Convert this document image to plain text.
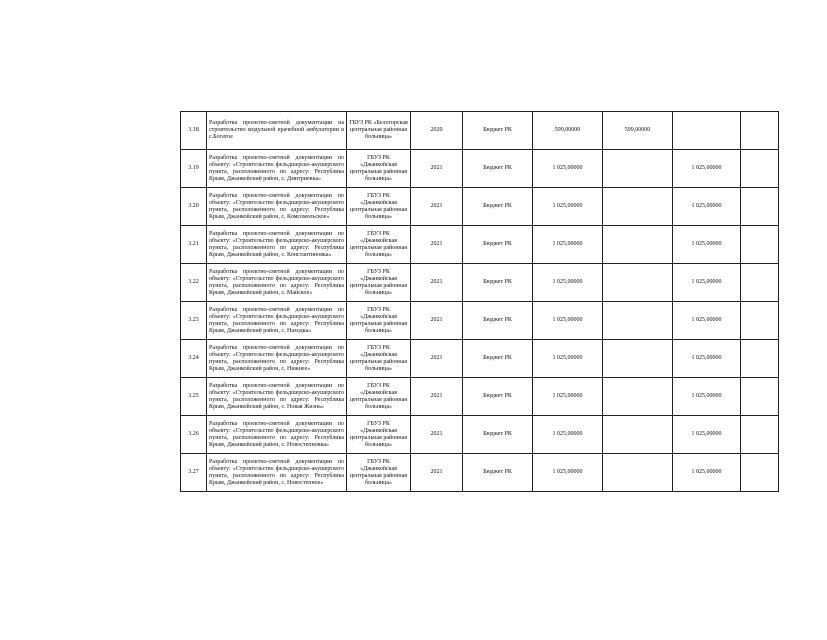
3.18	Разработка проектно-сметной документации на строительство модульной врачебной амбулатории в с.Богатое	ГБУЗ РК «Белогорская центральная районная больница»	2020	Бюджет РК	599,00000	599,00000		
3.19	Разработка проектно-сметной документации по объекту: «Строительство фельдшерско-акушерского пункта, расположенного по адресу: Республика Крым, Джанкойский район, с. Дмитриевка»	ГБУЗ РК «Джанкойская центральная районная больница»	2021	Бюджет РК	1 025,00000		1 025,00000	
3.20	Разработка проектно-сметной документации по объекту: «Строительство фельдшерско-акушерского пункта, расположенного по адресу: Республика Крым, Джанкойский район, с. Комсомольское»	ГБУЗ РК «Джанкойская центральная районная больница»	2021	Бюджет РК	1 025,00000		1 025,00000	
3.21	Разработка проектно-сметной документации по объекту: «Строительство фельдшерско-акушерского пункта, расположенного по адресу: Республика Крым, Джанкойский район, с. Константиновка»	ГБУЗ РК «Джанкойская центральная районная больница»	2021	Бюджет РК	1 025,00000		1 025,00000	
3.22	Разработка проектно-сметной документации по объекту: «Строительство фельдшерско-акушерского пункта, расположенного по адресу: Республика Крым, Джанкойский район, с. Майское»	ГБУЗ РК «Джанкойская центральная районная больница»	2021	Бюджет РК	1 025,00000		1 025,00000	
3.23	Разработка проектно-сметной документации по объекту: «Строительство фельдшерско-акушерского пункта, расположенного по адресу: Республика Крым, Джанкойский район, с. Находка»	ГБУЗ РК «Джанкойская центральная районная больница»	2021	Бюджет РК	1 025,00000		1 025,00000	
3.24	Разработка проектно-сметной документации по объекту: «Строительство фельдшерско-акушерского пункта, расположенного по адресу: Республика Крым, Джанкойский район, с. Нижнее»	ГБУЗ РК «Джанкойская центральная районная больница»	2021	Бюджет РК	1 025,00000		1 025,00000	
3.25	Разработка проектно-сметной документации по объекту: «Строительство фельдшерско-акушерского пункта, расположенного по адресу: Республика Крым, Джанкойский район, с. Новая Жизнь»	ГБУЗ РК «Джанкойская центральная районная больница»	2021	Бюджет РК	1 025,00000		1 025,00000	
3.26	Разработка проектно-сметной документации по объекту: «Строительство фельдшерско-акушерского пункта, расположенного по адресу: Республика Крым, Джанкойский район, с. Новостепновка»	ГБУЗ РК «Джанкойская центральная районная больница»	2021	Бюджет РК	1 025,00000		1 025,00000	
3.27	Разработка проектно-сметной документации по объекту: «Строительство фельдшерско-акушерского пункта, расположенного по адресу: Республика Крым, Джанкойский район, с. Новостепное»	ГБУЗ РК «Джанкойская центральная районная больница»	2021	Бюджет РК	1 025,00000		1 025,00000	
